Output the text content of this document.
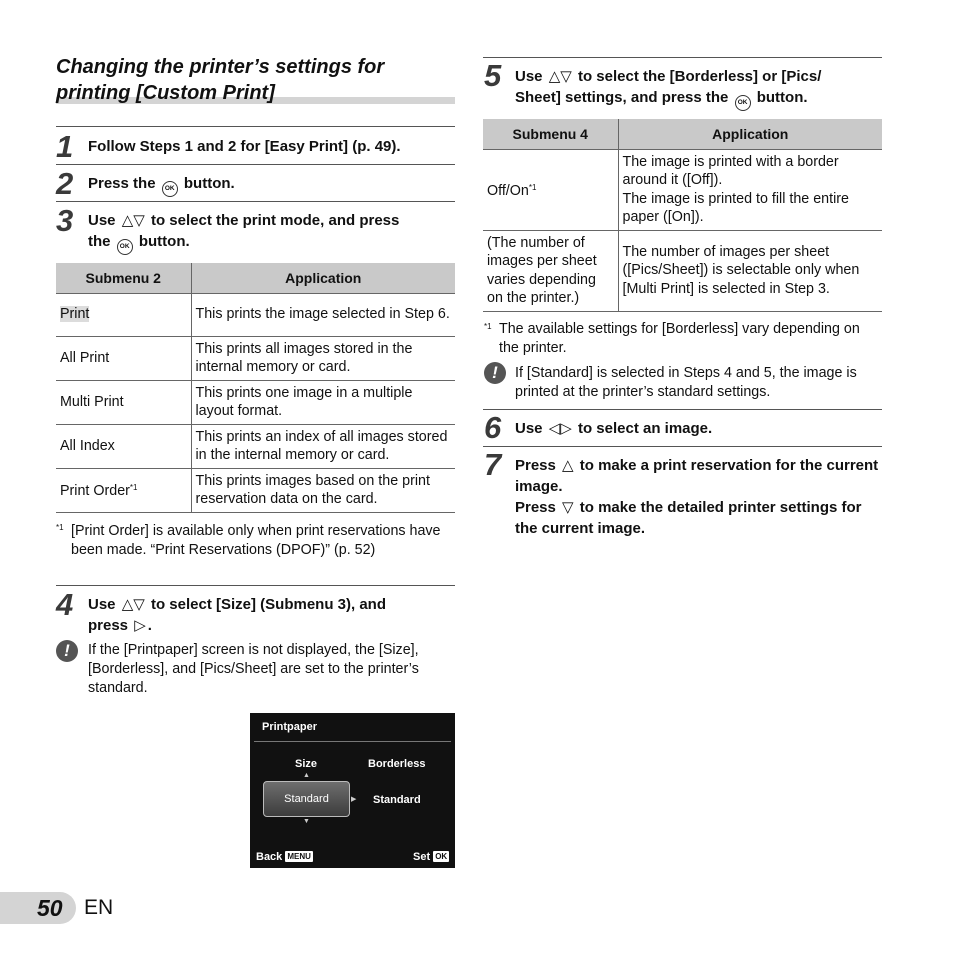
Changing the printer’s settings for
printing [Custom Print]
1 Follow Steps 1 and 2 for [Easy Print] (p. 49).
2 Press the OK button.
3 Use △▽ to select the print mode, and press
the OK button.
Submenu 2	Application
Print	This prints the image selected in Step 6.
All Print	This prints all images stored in the internal memory or card.
Multi Print	This prints one image in a multiple layout format.
All Index	This prints an index of all images stored in the internal memory or card.
Print Order$^{*1}$	This prints images based on the print reservation data on the card.
*1 [Print Order] is available only when print reservations have been made. “Print Reservations (DPOF)” (p. 52)
4 Use △▽ to select [Size] (Submenu 3), and
press ▷ .
!	If the [Printpaper] screen is not displayed, the [Size], [Borderless], and [Pics/Sheet] are set to the printer’s standard.
Printpaper
Size	Borderless
▲
Standard	▶ Standard
▼
Back MENU	Set OK
5 Use △▽ to select the [Borderless] or [Pics/
Sheet] settings, and press the OK button.
Submenu 4	Application
Off/On$^{*1}$	The image is printed with a border around it ([Off]).
The image is printed to fill the entire paper ([On]).

(The number of images per sheet varies depending on the printer.)	The number of images per sheet ([Pics/Sheet]) is selectable only when [Multi Print] is selected in Step 3.
*1 The available settings for [Borderless] vary depending on the printer.
!	If [Standard] is selected in Steps 4 and 5, the image is printed at the printer’s standard settings.
6 Use ◁▷ to select an image.
7 Press △ to make a print reservation for the current image.
Press ▽ to make the detailed printer settings for the current image.
50 EN
